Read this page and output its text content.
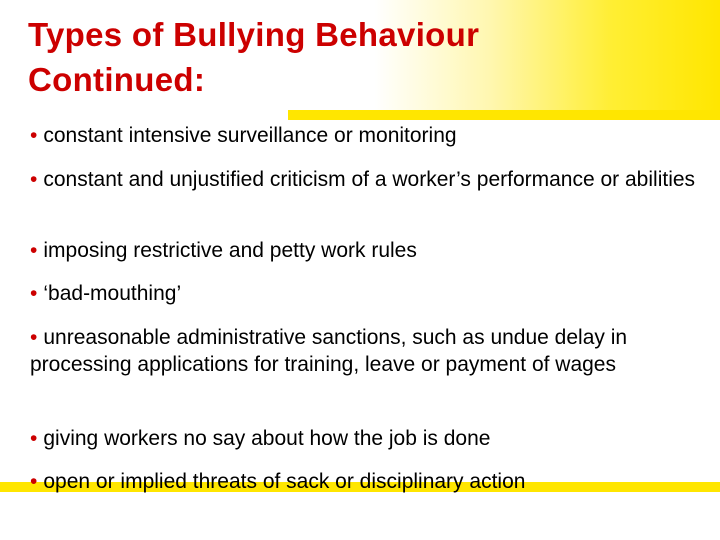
Types of Bullying Behaviour
Continued:
• constant intensive surveillance or monitoring
• constant and unjustified criticism of a worker’s performance or abilities
• imposing restrictive and petty work rules
• ‘bad-mouthing’
• unreasonable administrative sanctions, such as undue delay in processing applications for training, leave or payment of wages
• giving workers no say about how the job is done
• open or implied threats of sack or disciplinary action
